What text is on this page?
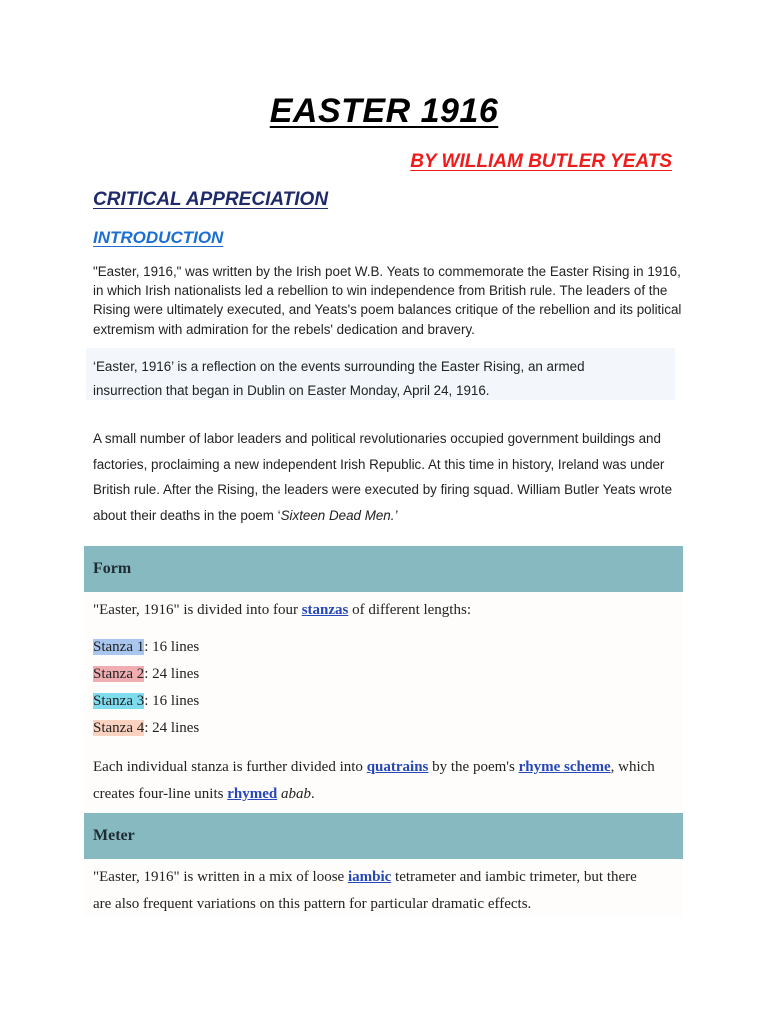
EASTER 1916
BY WILLIAM BUTLER YEATS
CRITICAL APPRECIATION
INTRODUCTION
"Easter, 1916," was written by the Irish poet W.B. Yeats to commemorate the Easter Rising in 1916, in which Irish nationalists led a rebellion to win independence from British rule. The leaders of the Rising were ultimately executed, and Yeats's poem balances critique of the rebellion and its political extremism with admiration for the rebels' dedication and bravery.

‘Easter, 1916’ is a reflection on the events surrounding the Easter Rising, an armed insurrection that began in Dublin on Easter Monday, April 24, 1916.

A small number of labor leaders and political revolutionaries occupied government buildings and factories, proclaiming a new independent Irish Republic. At this time in history, Ireland was under British rule. After the Rising, the leaders were executed by firing squad. William Butler Yeats wrote about their deaths in the poem ‘Sixteen Dead Men.’
Form
"Easter, 1916" is divided into four stanzas of different lengths:
Stanza 1: 16 lines
Stanza 2: 24 lines
Stanza 3: 16 lines
Stanza 4: 24 lines
Each individual stanza is further divided into quatrains by the poem's rhyme scheme, which
creates four-line units rhymed abab.
Meter
"Easter, 1916" is written in a mix of loose iambic tetrameter and iambic trimeter, but there
are also frequent variations on this pattern for particular dramatic effects.
